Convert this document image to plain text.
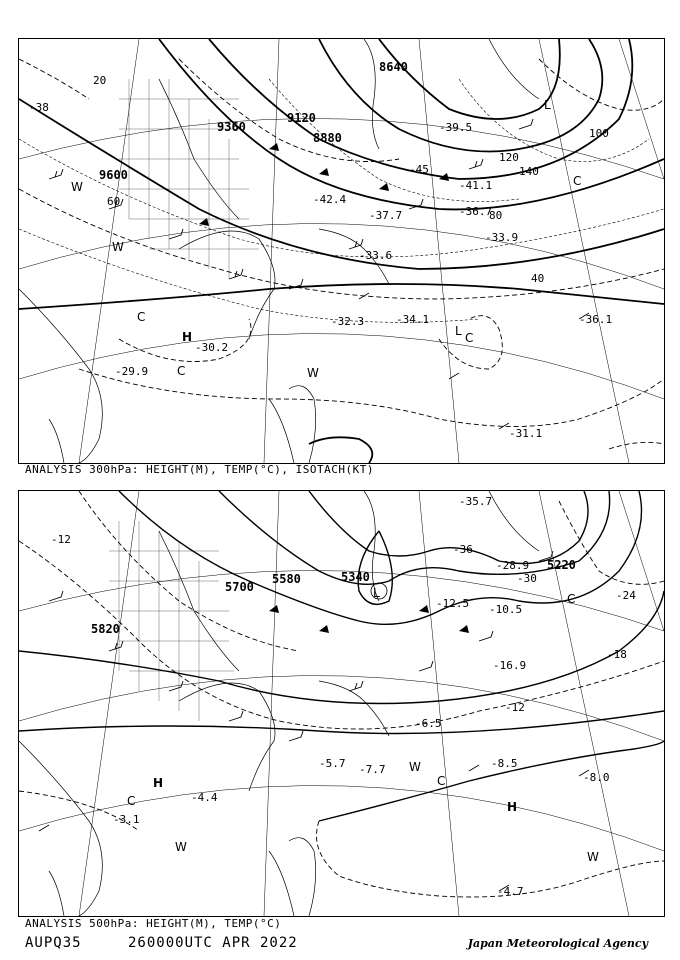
9120
9360
9600
8640
8880
20
40
60
80
100
120
140
-36.1
-34.1
-31.1
-32.3
-30.2
-29.9
-38
-33.6
-33.9
-39.5
-45
-41.1
-36.7
-42.4
-37.7
L
L
H
W
W
W
C
C
C
C
ANALYSIS 300hPa: HEIGHT(M), TEMP(°C), ISOTACH(KT)
5220
5340
5580
5700
5820
-12
-18
-24
-30
-36
-12
-8.5
-6.5
-4.7
-5.7 -7.7
-10.5
-16.9
-12.5
-28.9
-35.7
-4.4
-3.1
-8.0
L
H
H
W
W
C
C
C
W
ANALYSIS 500hPa: HEIGHT(M), TEMP(°C)
AUPQ35	260000UTC APR 2022	Japan Meteorological Agency
